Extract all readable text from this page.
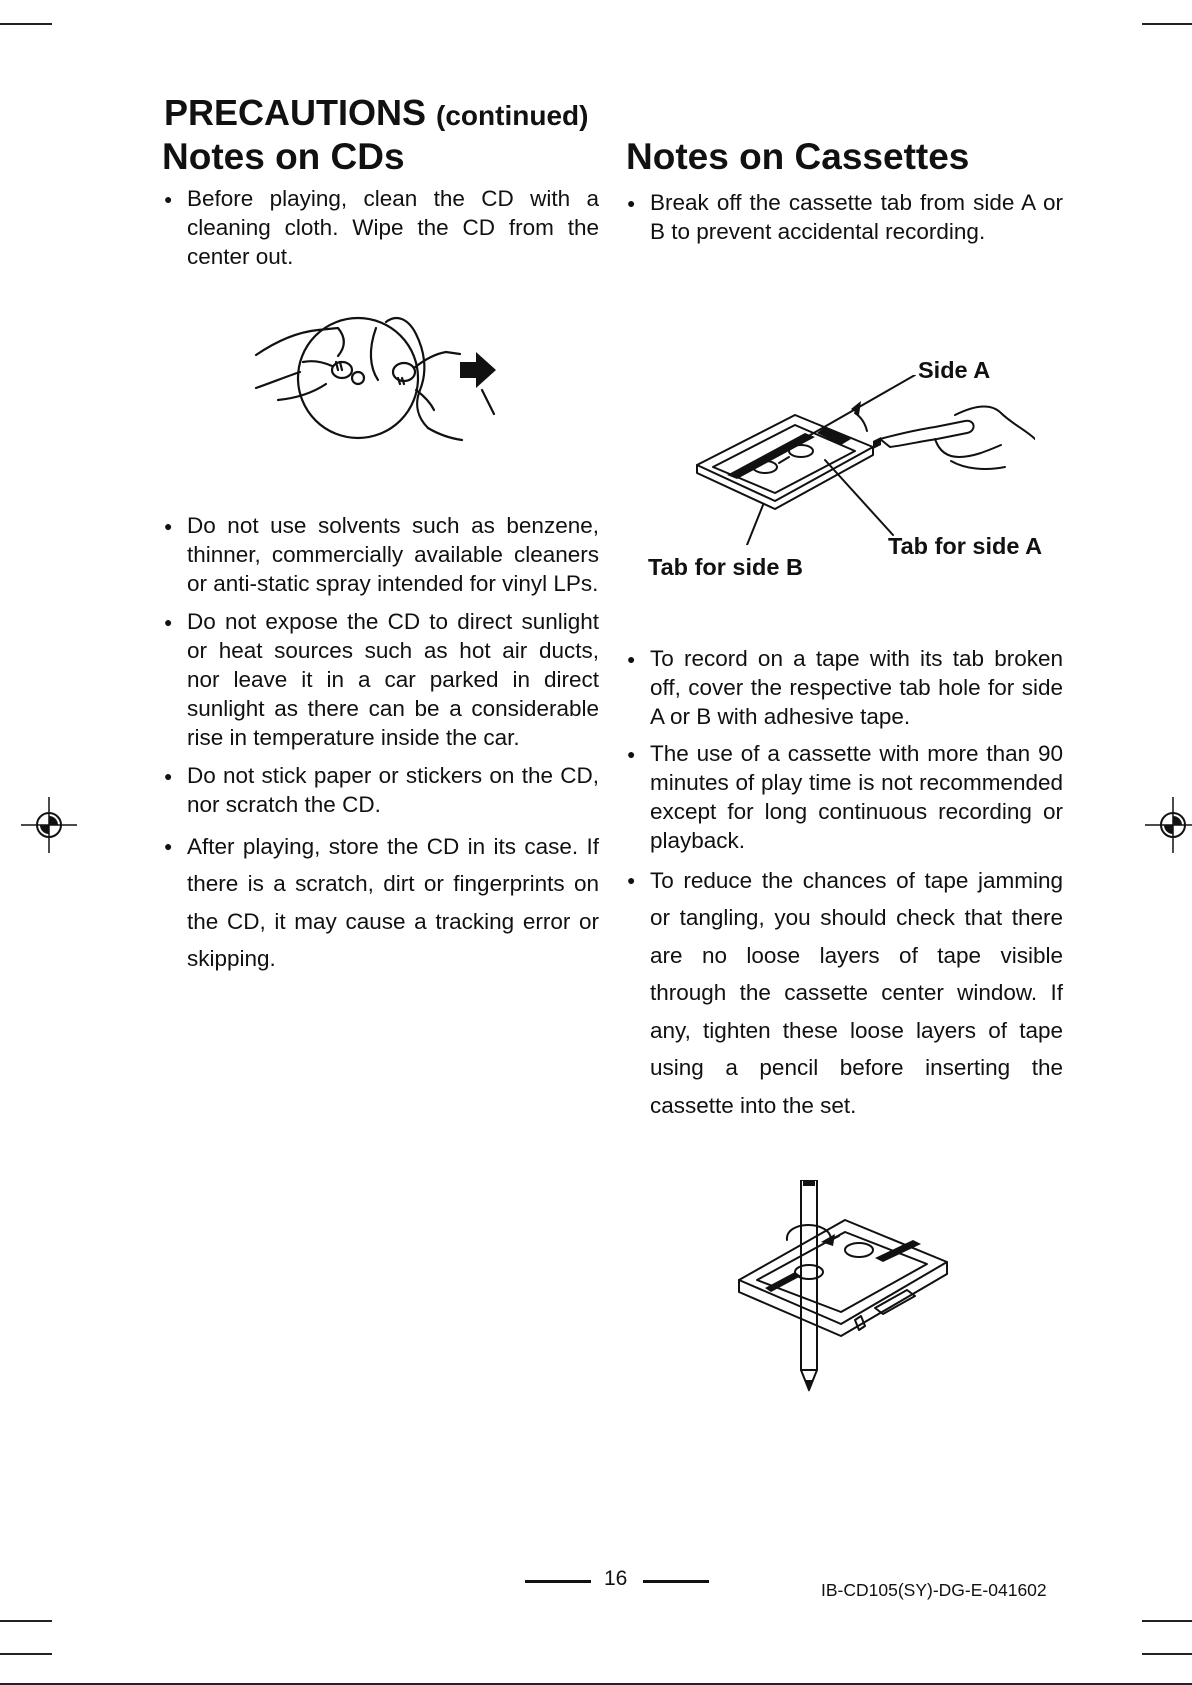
PRECAUTIONS (continued)
Notes on CDs	Notes on Cassettes

● Before playing, clean the CD with a cleaning cloth. Wipe the CD from the center out.

● Do not use solvents such as benzene, thinner, commercially available cleaners or anti-static spray intended for vinyl LPs.

● Do not expose the CD to direct sunlight or heat sources such as hot air ducts, nor leave it in a car parked in direct sunlight as there can be a considerable rise in temperature inside the car.

● Do not stick paper or stickers on the CD, nor scratch the CD.

● After playing, store the CD in its case. If there is a scratch, dirt or fingerprints on the CD, it may cause a tracking error or skipping.

● Break off the cassette tab from side A or B to prevent accidental recording.

Side A
Tab for side A
Tab for side B

● To record on a tape with its tab broken off, cover the respective tab hole for side A or B with adhesive tape.

● The use of a cassette with more than 90 minutes of play time is not recommended except for long continuous recording or playback.

● To reduce the chances of tape jamming or tangling, you should check that there are no loose layers of tape visible through the cassette center window. If any, tighten these loose layers of tape using a pencil before inserting the cassette into the set.

16	IB-CD105(SY)-DG-E-041602
